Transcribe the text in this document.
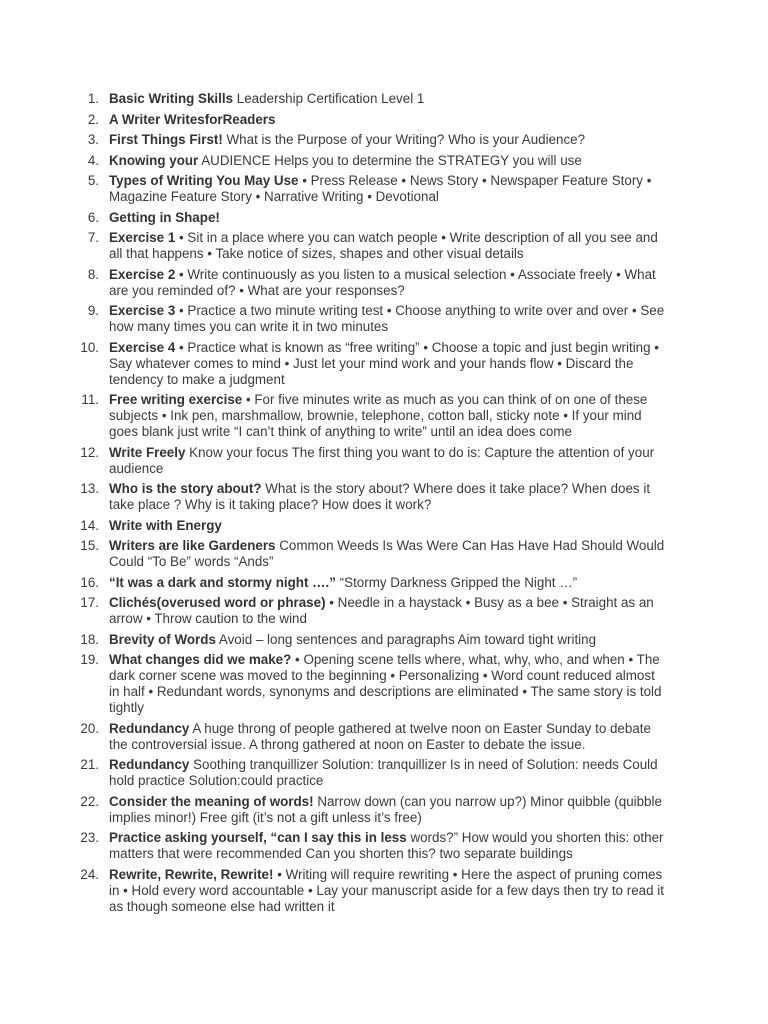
1. Basic Writing Skills Leadership Certification Level 1
2. A Writer WritesforReaders
3. First Things First! What is the Purpose of your Writing? Who is your Audience?
4. Knowing your AUDIENCE Helps you to determine the STRATEGY you will use
5. Types of Writing You May Use • Press Release • News Story • Newspaper Feature Story • Magazine Feature Story • Narrative Writing • Devotional
6. Getting in Shape!
7. Exercise 1 • Sit in a place where you can watch people • Write description of all you see and all that happens • Take notice of sizes, shapes and other visual details
8. Exercise 2 • Write continuously as you listen to a musical selection • Associate freely • What are you reminded of? • What are your responses?
9. Exercise 3 • Practice a two minute writing test • Choose anything to write over and over • See how many times you can write it in two minutes
10. Exercise 4 • Practice what is known as “free writing” • Choose a topic and just begin writing • Say whatever comes to mind • Just let your mind work and your hands flow • Discard the tendency to make a judgment
11. Free writing exercise • For five minutes write as much as you can think of on one of these subjects • Ink pen, marshmallow, brownie, telephone, cotton ball, sticky note • If your mind goes blank just write “I can’t think of anything to write” until an idea does come
12. Write Freely Know your focus The first thing you want to do is: Capture the attention of your audience
13. Who is the story about? What is the story about? Where does it take place? When does it take place ? Why is it taking place? How does it work?
14. Write with Energy
15. Writers are like Gardeners Common Weeds Is Was Were Can Has Have Had Should Would Could “To Be” words “Ands”
16. “It was a dark and stormy night ….” “Stormy Darkness Gripped the Night …”
17. Clichés(overused word or phrase) • Needle in a haystack • Busy as a bee • Straight as an arrow • Throw caution to the wind
18. Brevity of Words Avoid – long sentences and paragraphs Aim toward tight writing
19. What changes did we make? • Opening scene tells where, what, why, who, and when • The dark corner scene was moved to the beginning • Personalizing • Word count reduced almost in half • Redundant words, synonyms and descriptions are eliminated • The same story is told tightly
20. Redundancy A huge throng of people gathered at twelve noon on Easter Sunday to debate the controversial issue. A throng gathered at noon on Easter to debate the issue.
21. Redundancy Soothing tranquillizer Solution: tranquillizer Is in need of Solution: needs Could hold practice Solution:could practice
22. Consider the meaning of words! Narrow down (can you narrow up?) Minor quibble (quibble implies minor!) Free gift (it’s not a gift unless it’s free)
23. Practice asking yourself, “can I say this in less words?” How would you shorten this: other matters that were recommended Can you shorten this? two separate buildings
24. Rewrite, Rewrite, Rewrite! • Writing will require rewriting • Here the aspect of pruning comes in • Hold every word accountable • Lay your manuscript aside for a few days then try to read it as though someone else had written it
